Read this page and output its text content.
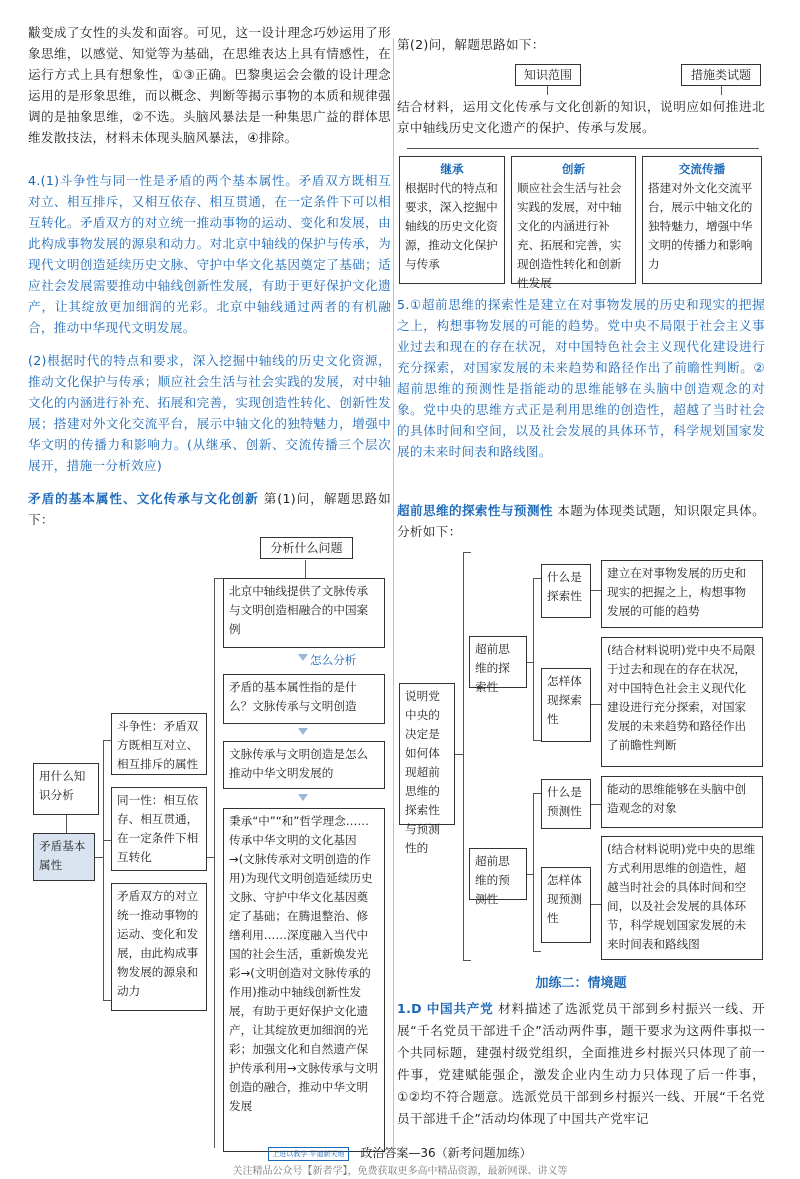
黻变成了女性的头发和面容。可见，这一设计理念巧妙运用了形象思维，以感觉、知觉等为基础，在思维表达上具有情感性，在运行方式上具有想象性，①③正确。巴黎奥运会会徽的设计理念运用的是形象思维，而以概念、判断等揭示事物的本质和规律强调的是抽象思维，②不选。头脑风暴法是一种集思广益的群体思维发散技法，材料未体现头脑风暴法，④排除。

4.(1)斗争性与同一性是矛盾的两个基本属性。矛盾双方既相互对立、相互排斥，又相互依存、相互贯通，在一定条件下可以相互转化。矛盾双方的对立统一推动事物的运动、变化和发展，由此构成事物发展的源泉和动力。对北京中轴线的保护与传承，为现代文明创造延续历史文脉、守护中华文化基因奠定了基础；适应社会发展需要推动中轴线创新性发展，有助于更好保护文化遗产，让其绽放更加细润的光彩。北京中轴线通过两者的有机融合，推动中华现代文明发展。

(2)根据时代的特点和要求，深入挖掘中轴线的历史文化资源，推动文化保护与传承；顺应社会生活与社会实践的发展，对中轴文化的内涵进行补充、拓展和完善，实现创造性转化、创新性发展；搭建对外文化交流平台，展示中轴文化的独特魅力，增强中华文明的传播力和影响力。(从继承、创新、交流传播三个层次展开，措施一分析效应)

矛盾的基本属性、文化传承与文化创新 第(1)问，解题思路如下：

分析什么问题
北京中轴线提供了文脉传承与文明创造相融合的中国案例
怎么分析
矛盾的基本属性指的是什么？文脉传承与文明创造
文脉传承与文明创造是怎么推动中华文明发展的
秉承“中”“和”哲学理念……传承中华文明的文化基因→(文脉传承对文明创造的作用)为现代文明创造延续历史文脉、守护中华文化基因奠定了基础；在腾退整治、修缮利用……深度融入当代中国的社会生活，重新焕发光彩→(文明创造对文脉传承的作用)推动中轴线创新性发展，有助于更好保护文化遗产，让其绽放更加细润的光彩；加强文化和自然遗产保护传承利用→文脉传承与文明创造的融合，推动中华文明发展
用什么知识分析
矛盾基本属性
斗争性：矛盾双方既相互对立、相互排斥的属性
同一性：相互依存、相互贯通，在一定条件下相互转化
矛盾双方的对立统一推动事物的运动、变化和发展，由此构成事物发展的源泉和动力

第(2)问，解题思路如下：

知识范围	措施类试题

结合材料，运用文化传承与文化创新的知识，说明应如何推进北京中轴线历史文化遗产的保护、传承与发展。

继承
根据时代的特点和要求，深入挖掘中轴线的历史文化资源，推动文化保护与传承
创新
顺应社会生活与社会实践的发展，对中轴文化的内涵进行补充、拓展和完善，实现创造性转化和创新性发展
交流传播
搭建对外文化交流平台，展示中轴文化的独特魅力，增强中华文明的传播力和影响力

5.①超前思维的探索性是建立在对事物发展的历史和现实的把握之上，构想事物发展的可能的趋势。党中央不局限于社会主义事业过去和现在的存在状况，对中国特色社会主义现代化建设进行充分探索，对国家发展的未来趋势和路径作出了前瞻性判断。②超前思维的预测性是指能动的思维能够在头脑中创造观念的对象。党中央的思维方式正是利用思维的创造性，超越了当时社会的具体时间和空间，以及社会发展的具体环节，科学规划国家发展的未来时间表和路线图。

超前思维的探索性与预测性 本题为体现类试题，知识限定具体。分析如下：

说明党中央的决定是如何体现超前思维的探索性与预测性的
超前思维的探索性
超前思维的预测性
什么是探索性
怎样体现探索性
什么是预测性
怎样体现预测性
建立在对事物发展的历史和现实的把握之上，构想事物发展的可能的趋势
(结合材料说明)党中央不局限于过去和现在的存在状况，对中国特色社会主义现代化建设进行充分探索，对国家发展的未来趋势和路径作出了前瞻性判断
能动的思维能够在头脑中创造观念的对象
(结合材料说明)党中央的思维方式利用思维的创造性，超越当时社会的具体时间和空间，以及社会发展的具体环节，科学规划国家发展的未来时间表和路线图
加练二：情境题

1.D 中国共产党 材料描述了选派党员干部到乡村振兴一线、开展“千名党员干部进千企”活动两件事，题干要求为这两件事拟一个共同标题，建强村级党组织，全面推进乡村振兴只体现了前一件事，党建赋能强企，激发企业内生动力只体现了后一件事，①②均不符合题意。选派党员干部到乡村振兴一线、开展“千名党员干部进千企”活动均体现了中国共产党牢记

上进以教学 平道新天地 政治答案—36（新考问题加练）
关注精品公众号【新者学】，免费获取更多高中精品资源，最新网课、讲义等
